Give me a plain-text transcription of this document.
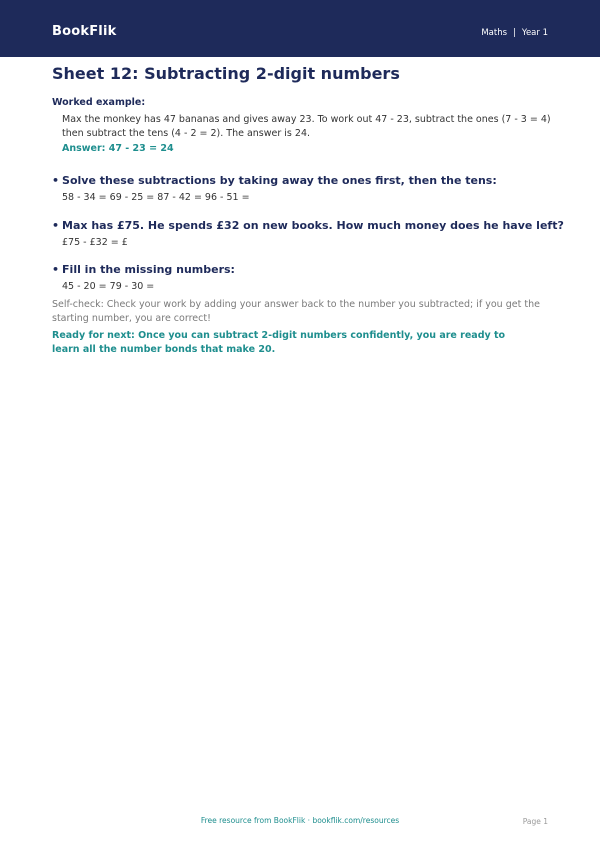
BookFlik	Maths | Year 1
Sheet 12: Subtracting 2-digit numbers
Worked example:
Max the monkey has 47 bananas and gives away 23. To work out 47 - 23, subtract the ones (7 - 3 = 4) then subtract the tens (4 - 2 = 2). The answer is 24.
Answer: 47 - 23 = 24
• Solve these subtractions by taking away the ones first, then the tens:
58 - 34 = 69 - 25 = 87 - 42 = 96 - 51 =
• Max has £75. He spends £32 on new books. How much money does he have left?
£75 - £32 = £
• Fill in the missing numbers:
45 - 20 = 79 - 30 =
Self-check: Check your work by adding your answer back to the number you subtracted; if you get the starting number, you are correct!
Ready for next: Once you can subtract 2-digit numbers confidently, you are ready to learn all the number bonds that make 20.
Free resource from BookFlik · bookflik.com/resources	Page 1
